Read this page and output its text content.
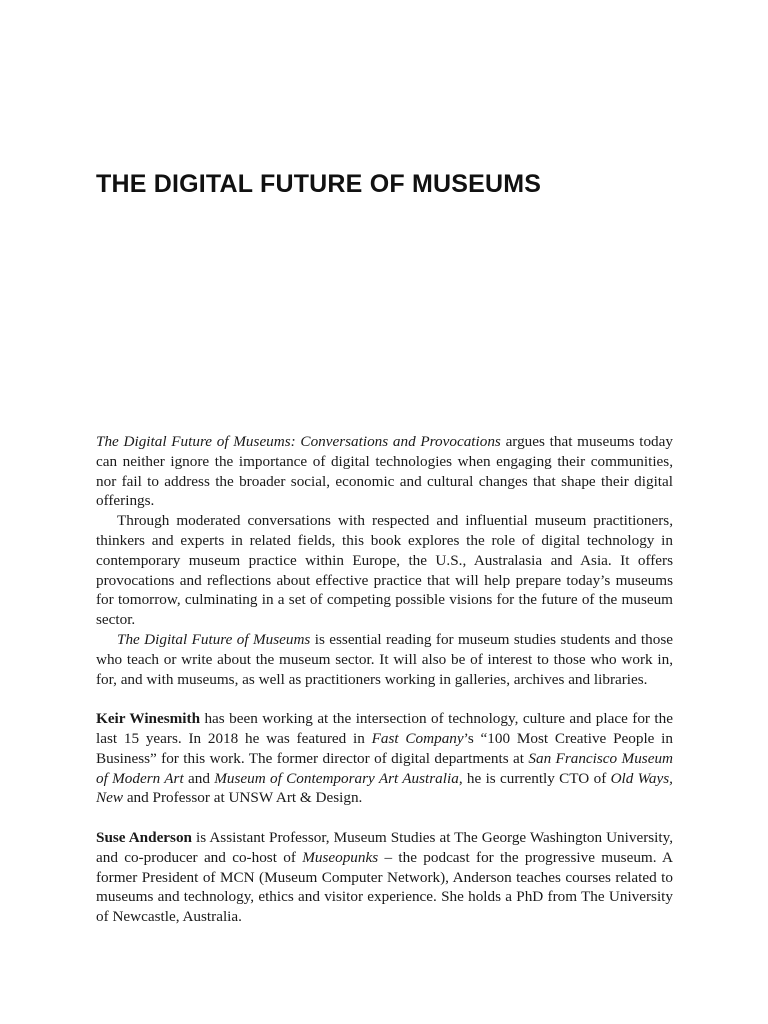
THE DIGITAL FUTURE OF MUSEUMS

The Digital Future of Museums: Conversations and Provocations argues that museums today can neither ignore the importance of digital technologies when engaging their communities, nor fail to address the broader social, economic and cultural changes that shape their digital offerings.

Through moderated conversations with respected and influential museum practitioners, thinkers and experts in related fields, this book explores the role of digital technology in contemporary museum practice within Europe, the U.S., Australasia and Asia. It offers provocations and reflections about effective practice that will help prepare today’s museums for tomorrow, culminating in a set of competing possible visions for the future of the museum sector.

The Digital Future of Museums is essential reading for museum studies students and those who teach or write about the museum sector. It will also be of interest to those who work in, for, and with museums, as well as practitioners working in galleries, archives and libraries.

Keir Winesmith has been working at the intersection of technology, culture and place for the last 15 years. In 2018 he was featured in Fast Company’s “100 Most Creative People in Business” for this work. The former director of digital departments at San Francisco Museum of Modern Art and Museum of Contemporary Art Australia, he is currently CTO of Old Ways, New and Professor at UNSW Art & Design.

Suse Anderson is Assistant Professor, Museum Studies at The George Washington University, and co-producer and co-host of Museopunks – the podcast for the progressive museum. A former President of MCN (Museum Computer Network), Anderson teaches courses related to museums and technology, ethics and visitor experience. She holds a PhD from The University of Newcastle, Australia.
